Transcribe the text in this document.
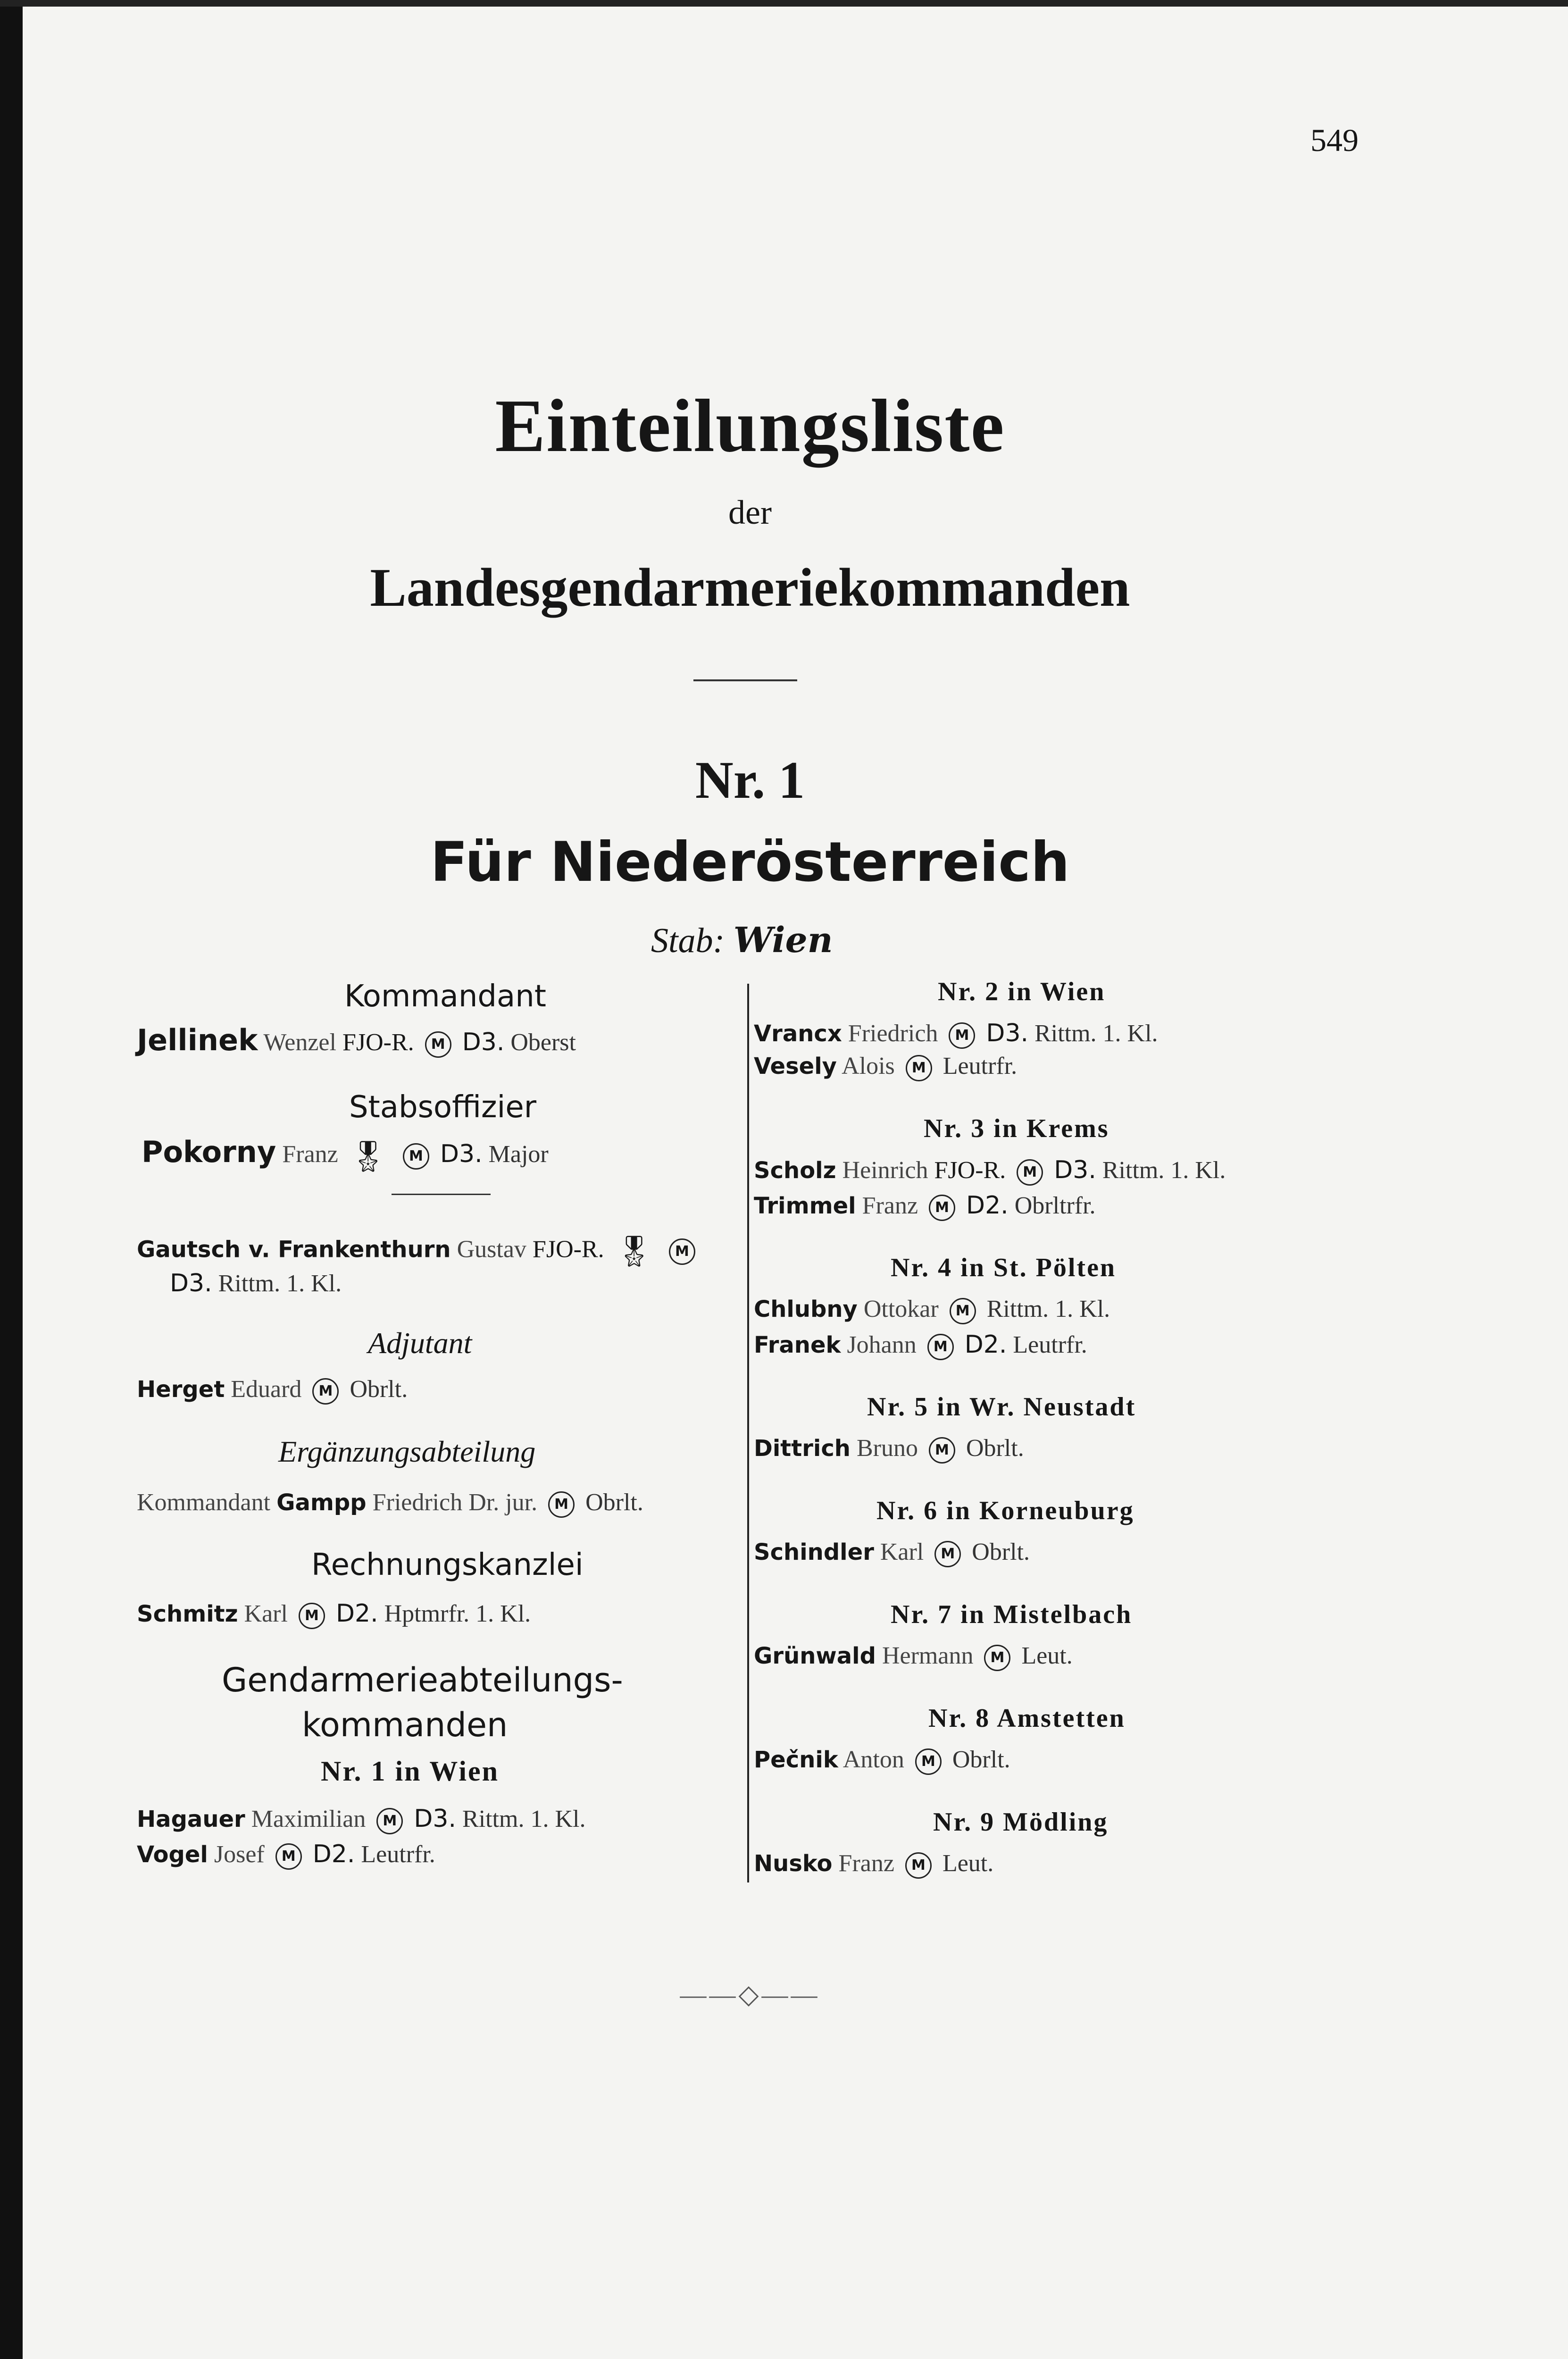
549
Einteilungsliste
der
Landesgendarmeriekommanden
Nr. 1
Für Niederösterreich
Stab: Wien
Kommandant
Jellinek Wenzel FJO-R. M D3. Oberst
Stabsoffizier
Pokorny Franz 🎖 M D3. Major
Gautsch v. Frankenthurn Gustav FJO-R. 🎖 M
D3. Rittm. 1. Kl.
Adjutant
Herget Eduard M Obrlt.
Ergänzungsabteilung
Kommandant Gampp Friedrich Dr. jur. M Obrlt.
Rechnungskanzlei
Schmitz Karl M D2. Hptmrfr. 1. Kl.
Gendarmerieabteilungs-
kommanden
Nr. 1 in Wien
Hagauer Maximilian M D3. Rittm. 1. Kl.
Vogel Josef M D2. Leutrfr.
Nr. 2 in Wien
Vrancx Friedrich M D3. Rittm. 1. Kl.
Vesely Alois M Leutrfr.
Nr. 3 in Krems
Scholz Heinrich FJO-R. M D3. Rittm. 1. Kl.
Trimmel Franz M D2. Obrltrfr.
Nr. 4 in St. Pölten
Chlubny Ottokar M Rittm. 1. Kl.
Franek Johann M D2. Leutrfr.
Nr. 5 in Wr. Neustadt
Dittrich Bruno M Obrlt.
Nr. 6 in Korneuburg
Schindler Karl M Obrlt.
Nr. 7 in Mistelbach
Grünwald Hermann M Leut.
Nr. 8 Amstetten
Pečnik Anton M Obrlt.
Nr. 9 Mödling
Nusko Franz M Leut.
——◇——
